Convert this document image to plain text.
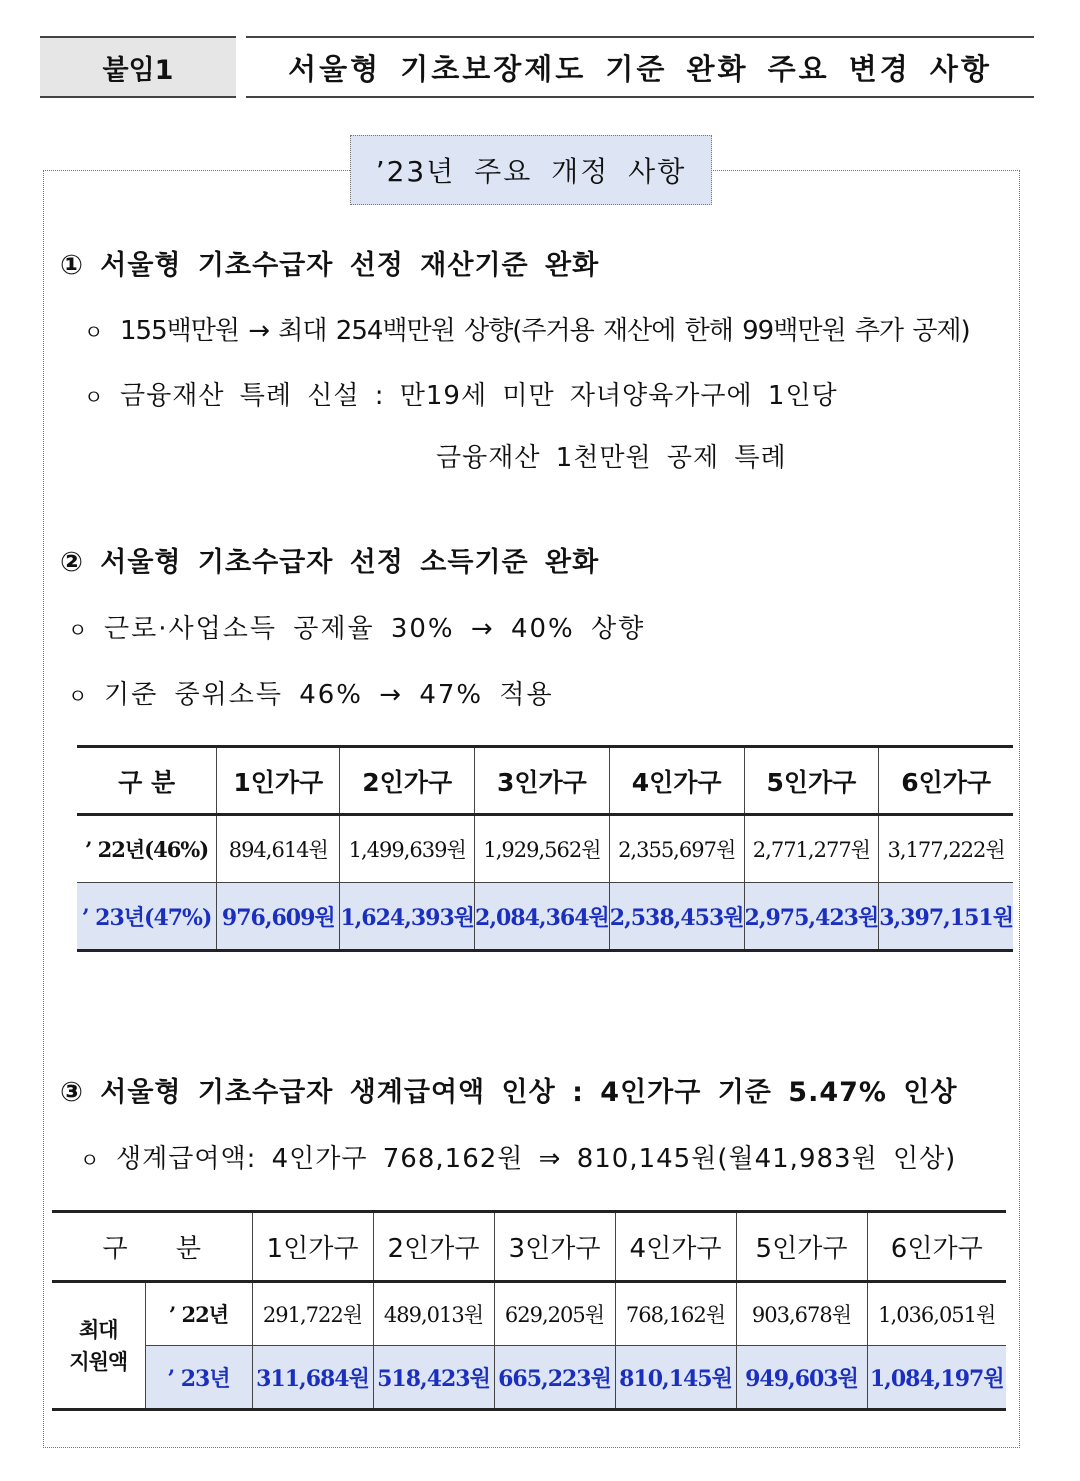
붙임1	서울형 기초보장제도 기준 완화 주요 변경 사항
’23년 주요 개정 사항
① 서울형 기초수급자 선정 재산기준 완화
ㅇ 155백만원 → 최대 254백만원 상향(주거용 재산에 한해 99백만원 추가 공제)
ㅇ 금융재산 특례 신설 : 만19세 미만 자녀양육가구에 1인당
금융재산 1천만원 공제 특례
② 서울형 기초수급자 선정 소득기준 완화
ㅇ 근로·사업소득 공제율 30% → 40% 상향
ㅇ 기준 중위소득 46% → 47% 적용
구 분	1인가구	2인가구	3인가구	4인가구	5인가구	6인가구
’ 22년(46%)	894,614원	1,499,639원	1,929,562원	2,355,697원	2,771,277원	3,177,222원
’ 23년(47%)	976,609원	1,624,393원	2,084,364원	2,538,453원	2,975,423원	3,397,151원
③ 서울형 기초수급자 생계급여액 인상 : 4인가구 기준 5.47% 인상
ㅇ 생계급여액: 4인가구 768,162원 ⇒ 810,145원(월41,983원 인상)
구 분		1인가구	2인가구	3인가구	4인가구	5인가구	6인가구

최대
지원액	’ 22년	291,722원	489,013원	629,205원	768,162원	903,678원	1,036,051원
	’ 23년	311,684원	518,423원	665,223원	810,145원	949,603원	1,084,197원
